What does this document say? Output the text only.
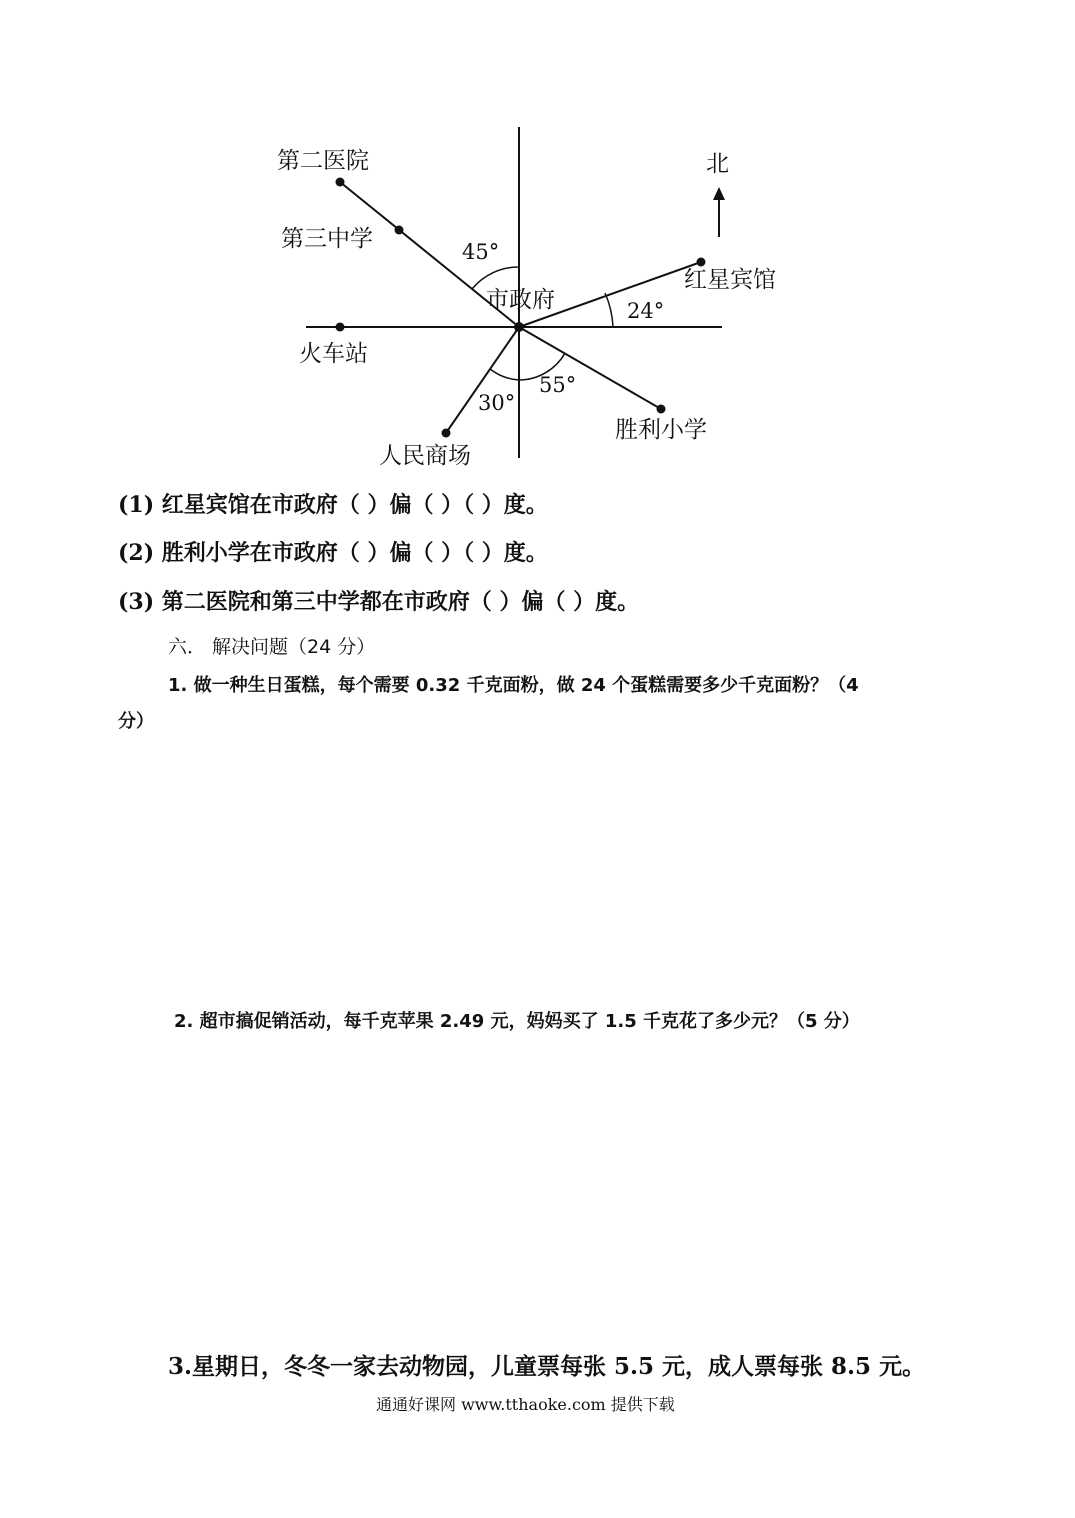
北
第二医院
第三中学
红星宾馆
市政府
火车站
胜利小学
人民商场
45°
24°
55°
30°
(1) 红星宾馆在市政府（ ）偏（ ）（ ）度。
(2) 胜利小学在市政府（ ）偏（ ）（ ）度。
(3) 第二医院和第三中学都在市政府（ ）偏（ ）度。
六． 解决问题（24 分）
1. 做一种生日蛋糕，每个需要 0.32 千克面粉，做 24 个蛋糕需要多少千克面粉？（4
分）
2. 超市搞促销活动，每千克苹果 2.49 元，妈妈买了 1.5 千克花了多少元？（5 分）
3.星期日，冬冬一家去动物园，儿童票每张 5.5 元，成人票每张 8.5 元。
通通好课网 www.tthaoke.com 提供下载
